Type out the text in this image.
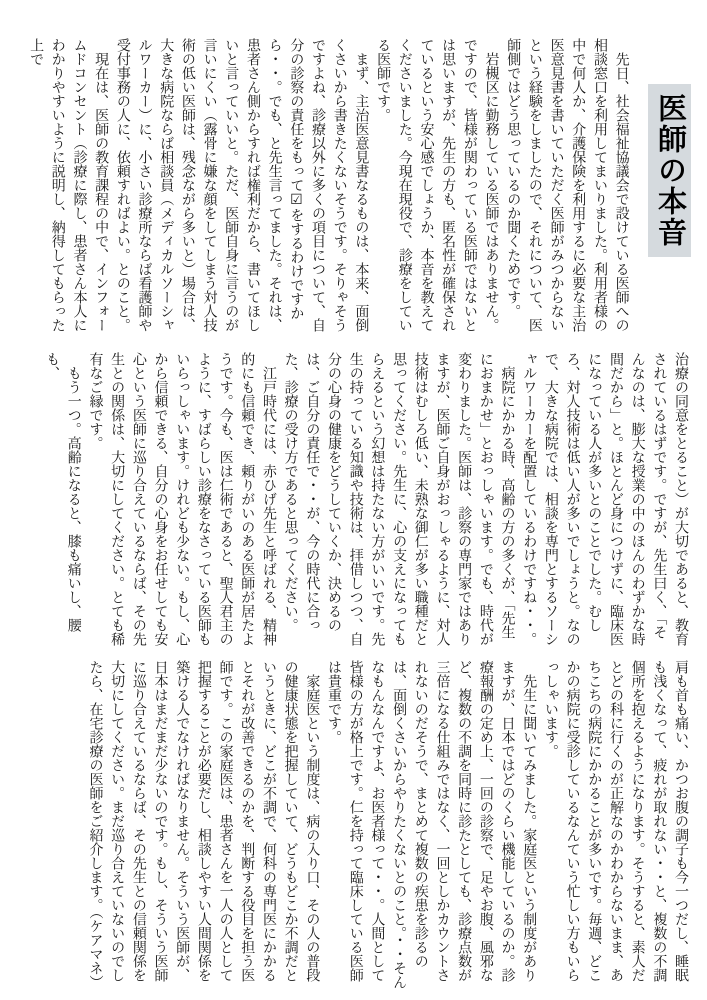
医師の本音

先日、社会福祉協議会で設けている医師への相談窓口を利用してまいりました。利用者様の中で何人か、介護保険を利用するに必要な主治医意見書を書いていただく医師がみつからないという経験をしましたので、それについて、医師側ではどう思っているのか聞くためです。

岩槻区に勤務している医師ではありません。ですので、皆様が関わっている医師ではないとは思いますが、先生の方も、匿名性が確保されているという安心感でしょうか、本音を教えてくださいました。今現在現役で、診療をしている医師です。

まず、主治医意見書なるものは、本来、面倒くさいから書きたくないそうです。そりゃそうですよね、診療以外に多くの項目について、自分の診察の責任をもって☑をするわけですから・・。でも、と先生言ってました。それは、患者さん側からすれば権利だから、書いてほしいと言っていいと。ただ、医師自身に言うのが言いにくい（露骨に嫌な顔をしてしまう対人技術の低い医師は、残念ながら多いと）場合は、大きな病院ならば相談員（メディカルソーシャルワーカー）に、小さい診療所ならば看護師や受付事務の人に、依頼すればよい。とのこと。

現在は、医師の教育課程の中で、インフォームドコンセント（診療に際し、患者さん本人にわかりやすいように説明し、納得してもらった上で

治療の同意をとること）が大切であると、教育されているはずです。ですが、先生曰く、「そんなのは、膨大な授業の中のほんのわずかな時間だから」と。ほとんど身につけずに、臨床医になっている人が多いとのことでした。むしろ、対人技術は低い人が多いでしょうと。なので、大きな病院では、相談を専門とするソーシャルワーカーを配置しているわけですね・・。

病院にかかる時、高齢の方の多くが、「先生におまかせ」とおっしゃいます。でも、時代が変わりました。医師は、診察の専門家ではありますが、医師ご自身がおっしゃるように、対人技術はむしろ低い、未熟な御仁が多い職種だと思ってください。先生に、心の支えになってもらえるという幻想は持たない方がいいです。先生の持っている知識や技術は、拝借しつつ、自分の心身の健康をどうしていくか、決めるのは、ご自分の責任で・・が、今の時代に合った、診療の受け方であると思ってください。

江戸時代には、赤ひげ先生と呼ばれる、精神的にも信頼でき、頼りがいのある医師が居たようです。今も、医は仁術であると、聖人君主のように、すばらしい診療をなさっている医師もいらっしゃいます。けれども少ない。もし、心から信頼できる、自分の心身をお任せしても安心という医師に巡り合えているならば、その先生との関係は、大切にしてください。とても稀有なご縁です。

もう一つ。高齢になると、膝も痛いし、腰も、

肩も首も痛い、かつお腹の調子も今一つだし、睡眠も浅くなって、疲れが取れない・・と、複数の不調個所を抱えるようになります。そうすると、素人だとどの科に行くのが正解なのかわからないまま、あちこちの病院にかかることが多いです。毎週、どこかの病院に受診しているなんていう忙しい方もいらっしゃいます。

先生に聞いてみました。家庭医という制度がありますが、日本ではどのくらい機能しているのか。診療報酬の定め上、一回の診察で、足やお腹、風邪など、複数の不調を同時に診たとしても、診療点数が三倍になる仕組みではなく、一回としかカウントされないのだそうで、まとめて複数の疾患を診るのは、面倒くさいからやりたくないとのこと。・・そんなもんなんですよ、お医者様って・・。人間として皆様の方が格上です。仁を持って臨床している医師は貴重です。

家庭医という制度は、病の入り口、その人の普段の健康状態を把握していて、どうもどこか不調だというときに、どこが不調で、何科の専門医にかかるとそれが改善できるのかを、判断する役目を担う医師です。この家庭医は、患者さんを一人の人として把握することが必要だし、相談しやすい人間関係を築ける人でなければなりません。そういう医師が、日本はまだまだ少ないのです。もし、そういう医師に巡り合えているならば、その先生との信頼関係を大切にしてください。まだ巡り合えていないのでしたら、在宅診療の医師をご紹介します。（ケアマネ）
